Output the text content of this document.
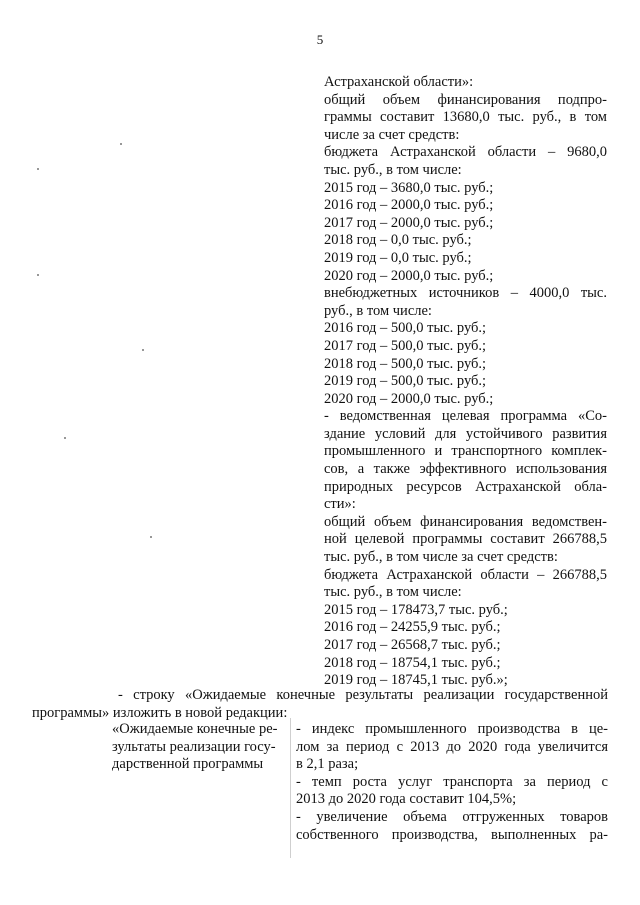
5
Астраханской области»:
общий объем финансирования подпро-
граммы составит 13680,0 тыс. руб., в том
числе за счет средств:
бюджета Астраханской области – 9680,0
тыс. руб., в том числе:
2015 год – 3680,0 тыс. руб.;
2016 год – 2000,0 тыс. руб.;
2017 год – 2000,0 тыс. руб.;
2018 год – 0,0 тыс. руб.;
2019 год – 0,0 тыс. руб.;
2020 год – 2000,0 тыс. руб.;
внебюджетных источников – 4000,0 тыс.
руб., в том числе:
2016 год – 500,0 тыс. руб.;
2017 год – 500,0 тыс. руб.;
2018 год – 500,0 тыс. руб.;
2019 год – 500,0 тыс. руб.;
2020 год – 2000,0 тыс. руб.;
- ведомственная целевая программа «Со-
здание условий для устойчивого развития
промышленного и транспортного комплек-
сов, а также эффективного использования
природных ресурсов Астраханской обла-
сти»:
общий объем финансирования ведомствен-
ной целевой программы составит 266788,5
тыс. руб., в том числе за счет средств:
бюджета Астраханской области – 266788,5
тыс. руб., в том числе:
2015 год – 178473,7 тыс. руб.;
2016 год – 24255,9 тыс. руб.;
2017 год – 26568,7 тыс. руб.;
2018 год – 18754,1 тыс. руб.;
2019 год – 18745,1 тыс. руб.»;
- строку «Ожидаемые конечные результаты реализации государственной
программы» изложить в новой редакции:
«Ожидаемые конечные ре-
зультаты реализации госу-
дарственной программы
- индекс промышленного производства в це-
лом за период с 2013 до 2020 года увеличится
в 2,1 раза;
- темп роста услуг транспорта за период с
2013 до 2020 года составит 104,5%;
- увеличение объема отгруженных товаров
собственного производства, выполненных ра-
